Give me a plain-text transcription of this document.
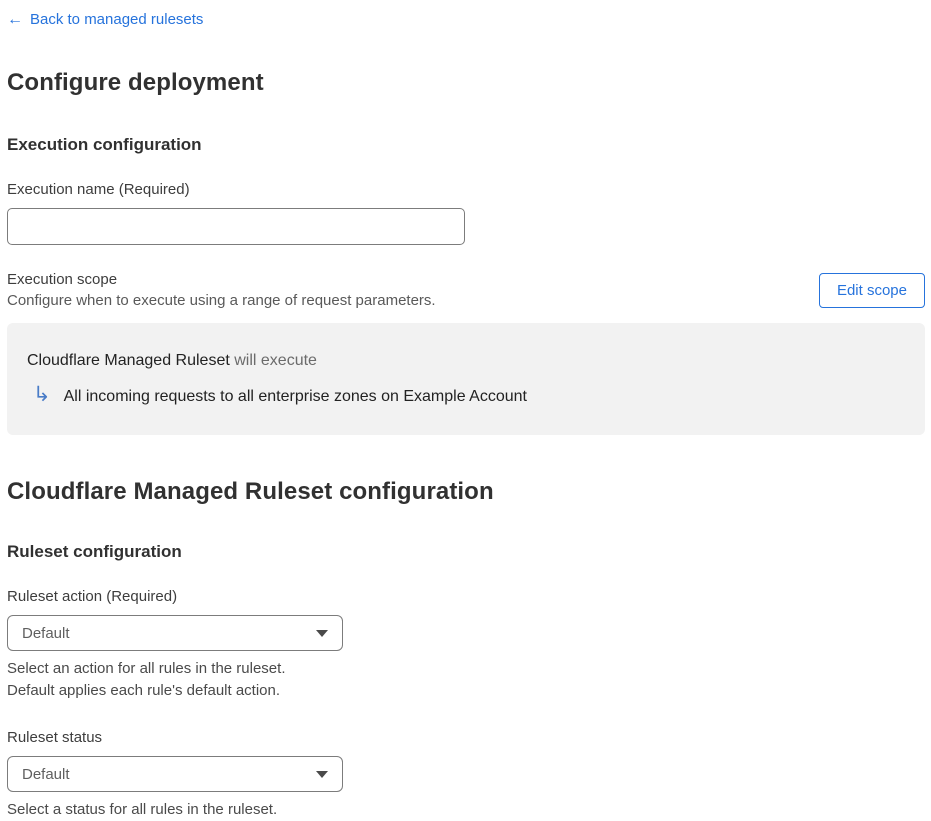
← Back to managed rulesets
Configure deployment
Execution configuration
Execution name (Required)
Execution scope
Configure when to execute using a range of request parameters.
Edit scope
Cloudflare Managed Ruleset will execute
↳ All incoming requests to all enterprise zones on Example Account
Cloudflare Managed Ruleset configuration
Ruleset configuration
Ruleset action (Required)
Default
Select an action for all rules in the ruleset.
Default applies each rule's default action.
Ruleset status
Default
Select a status for all rules in the ruleset.
